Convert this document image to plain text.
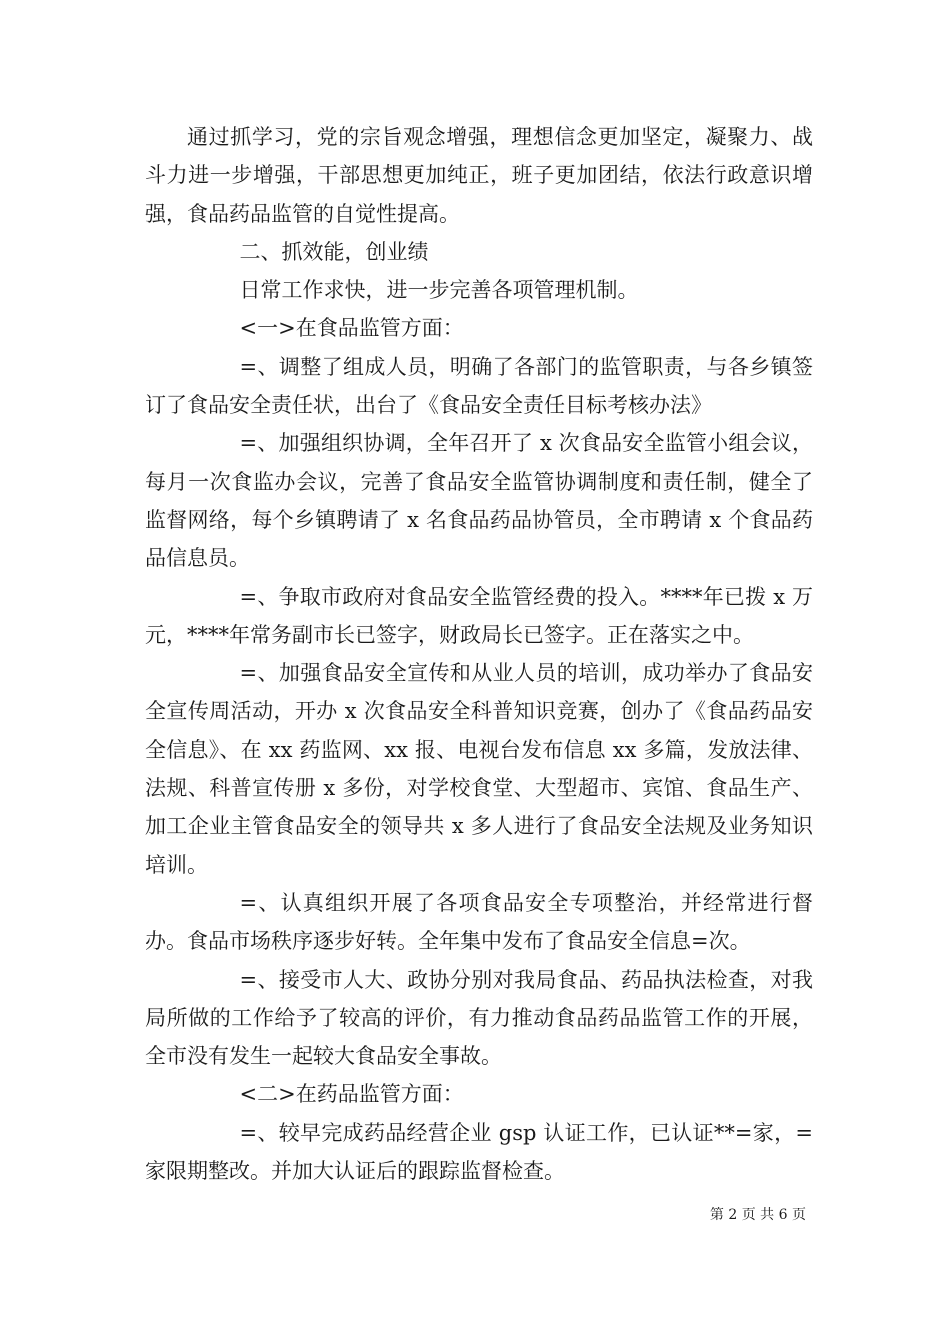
通过抓学习，党的宗旨观念增强，理想信念更加坚定，凝聚力、战斗力进一步增强，干部思想更加纯正，班子更加团结，依法行政意识增强，食品药品监管的自觉性提高。

二、抓效能，创业绩

日常工作求快，进一步完善各项管理机制。

<一>在食品监管方面：

=、调整了组成人员，明确了各部门的监管职责，与各乡镇签订了食品安全责任状，出台了《食品安全责任目标考核办法》

=、加强组织协调，全年召开了 x 次食品安全监管小组会议，每月一次食监办会议，完善了食品安全监管协调制度和责任制，健全了监督网络，每个乡镇聘请了 x 名食品药品协管员，全市聘请 x 个食品药品信息员。

=、争取市政府对食品安全监管经费的投入。****年已拨 x 万元，****年常务副市长已签字，财政局长已签字。正在落实之中。

=、加强食品安全宣传和从业人员的培训，成功举办了食品安全宣传周活动，开办 x 次食品安全科普知识竞赛，创办了《食品药品安全信息》、在 xx 药监网、xx 报、电视台发布信息 xx 多篇，发放法律、法规、科普宣传册 x 多份，对学校食堂、大型超市、宾馆、食品生产、加工企业主管食品安全的领导共 x 多人进行了食品安全法规及业务知识培训。

=、认真组织开展了各项食品安全专项整治，并经常进行督办。食品市场秩序逐步好转。全年集中发布了食品安全信息=次。

=、接受市人大、政协分别对我局食品、药品执法检查，对我局所做的工作给予了较高的评价，有力推动食品药品监管工作的开展，全市没有发生一起较大食品安全事故。

<二>在药品监管方面：

=、较早完成药品经营企业 gsp 认证工作，已认证**=家，=家限期整改。并加大认证后的跟踪监督检查。

第 2 页 共 6 页
